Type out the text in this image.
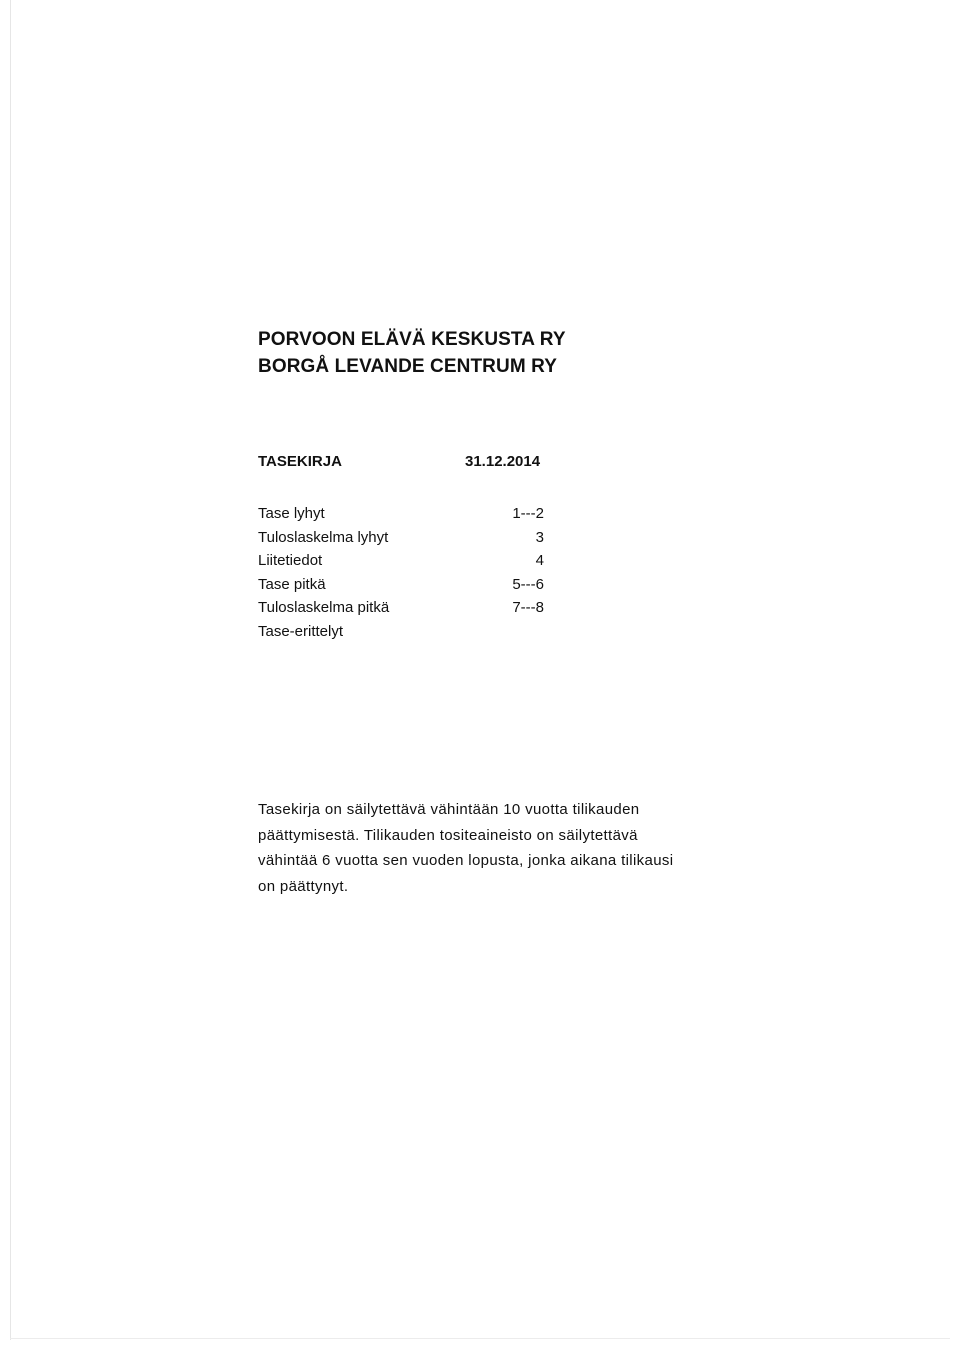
PORVOON ELÄVÄ KESKUSTA RY
BORGÅ LEVANDE CENTRUM RY
TASEKIRJA	31.12.2014
Tase lyhyt	1---2
Tuloslaskelma lyhyt	3
Liitetiedot	4
Tase pitkä	5---6
Tuloslaskelma pitkä	7---8
Tase-erittelyt
Tasekirja on säilytettävä vähintään 10 vuotta tilikauden
päättymisestä. Tilikauden tositeaineisto on säilytettävä
vähintää 6 vuotta sen vuoden lopusta, jonka aikana tilikausi
on päättynyt.
